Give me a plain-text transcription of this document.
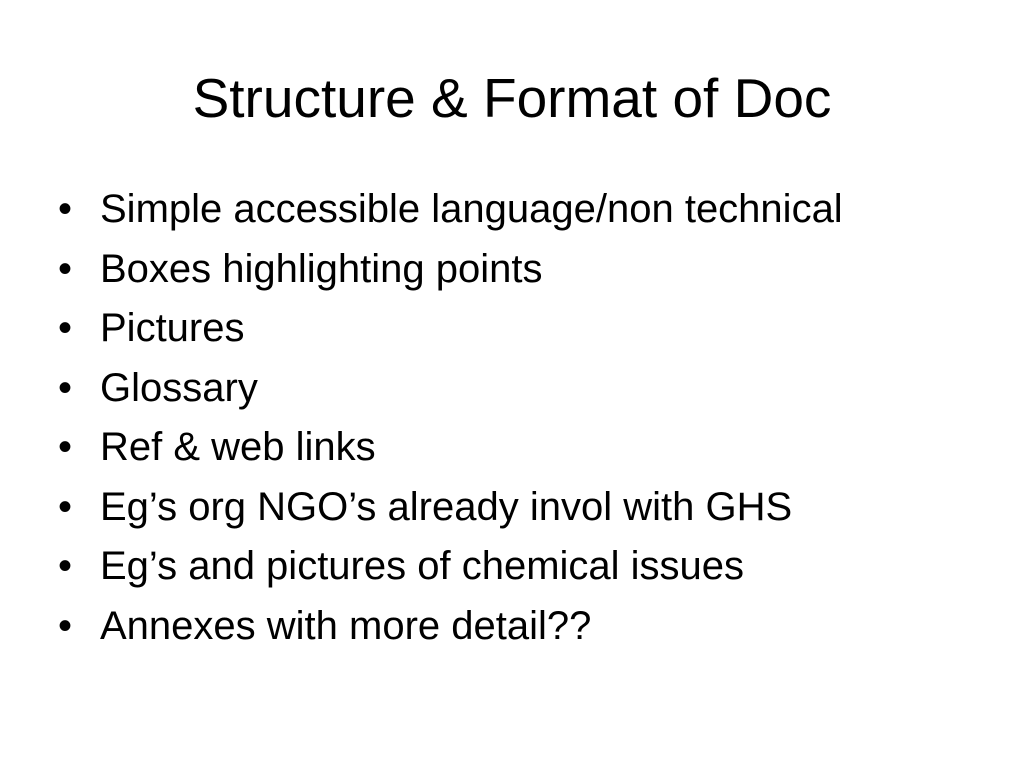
Structure & Format of Doc
• Simple accessible language/non technical
• Boxes highlighting points
• Pictures
• Glossary
• Ref & web links
• Eg’s org NGO’s already invol with GHS
• Eg’s and pictures of chemical issues
• Annexes with more detail??
